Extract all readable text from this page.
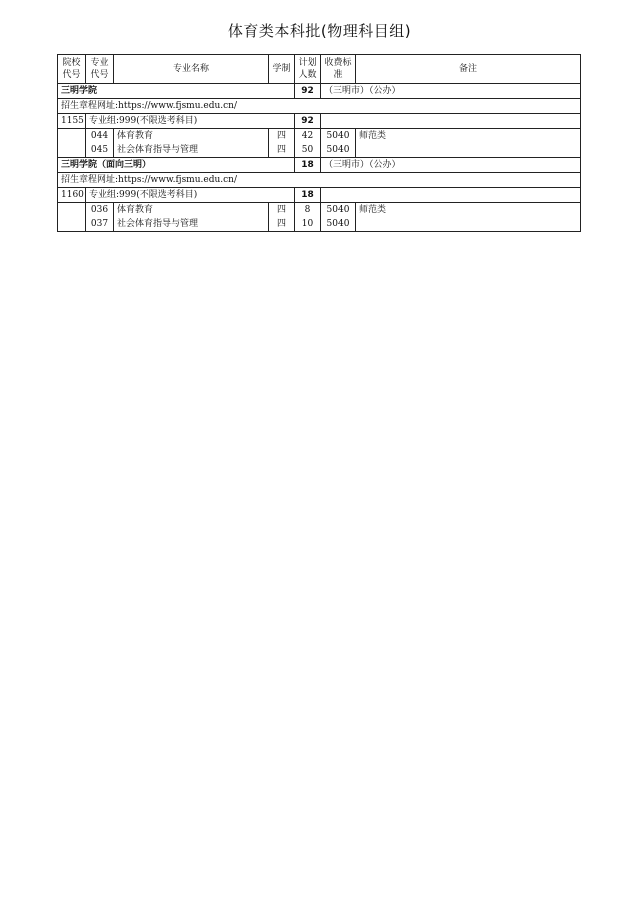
体育类本科批(物理科目组)
院校代号	专业代号	专业名称	学制	计划人数	收费标准	备注
三明学院				92	（三明市）（公办）	
招生章程网址:https://www.fjsmu.edu.cn/						
1155	专业组:999(不限选考科目)			92		
	044	体育教育	四	42	5040	师范类
	045	社会体育指导与管理	四	50	5040	
三明学院（面向三明）				18	（三明市）（公办）	
招生章程网址:https://www.fjsmu.edu.cn/						
1160	专业组:999(不限选考科目)			18		
	036	体育教育	四	8	5040	师范类
	037	社会体育指导与管理	四	10	5040	
